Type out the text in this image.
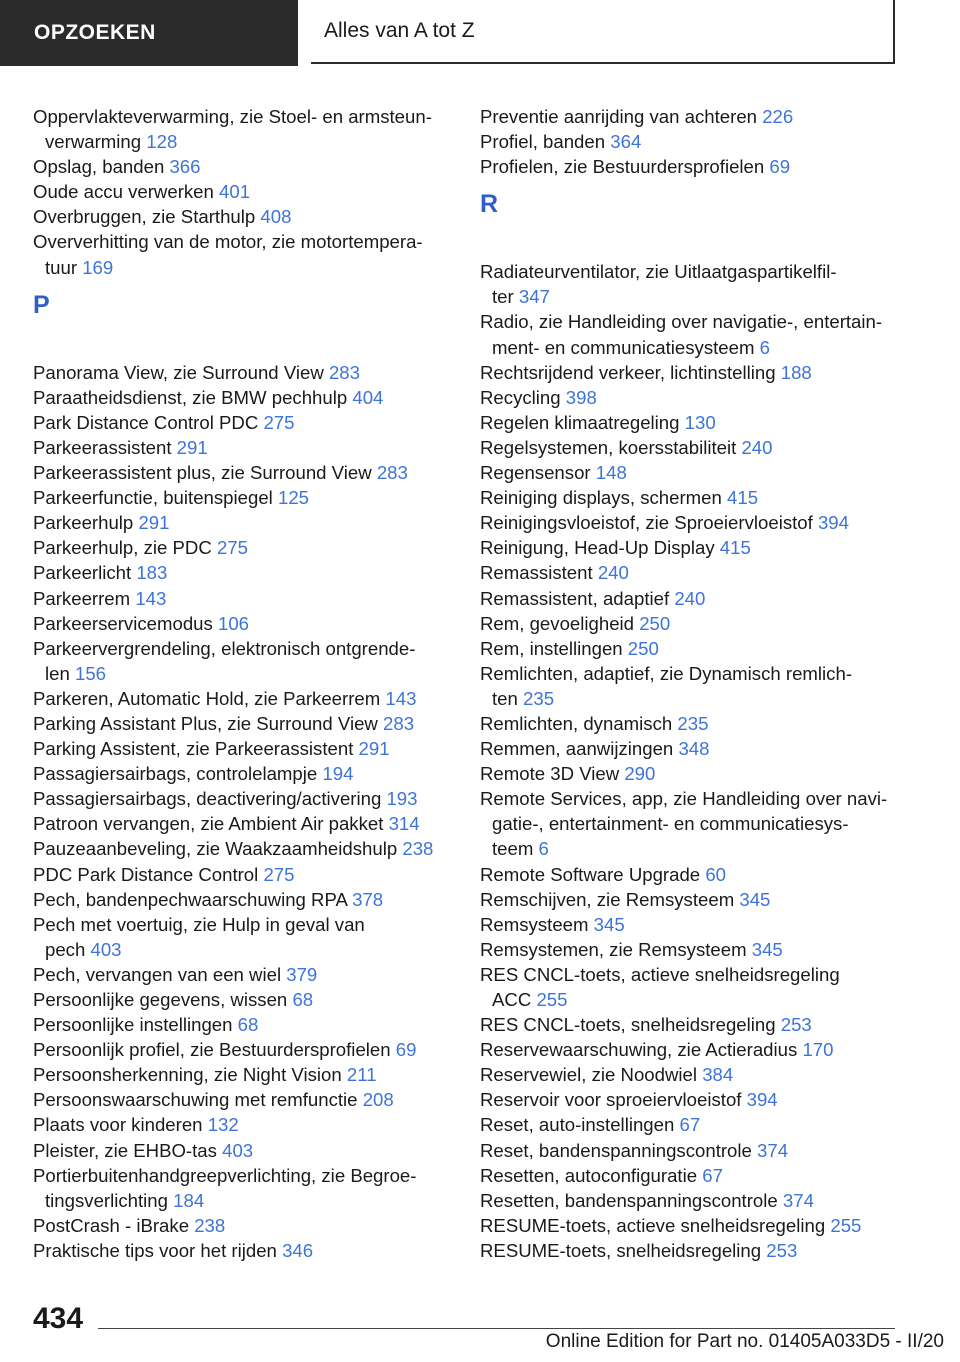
OPZOEKEN	Alles van A tot Z
Oppervlakteverwarming, zie Stoel- en armsteun-
verwarming 128
Opslag, banden 366
Oude accu verwerken 401
Overbruggen, zie Starthulp 408
Oververhitting van de motor, zie motortempera-
tuur 169
P
Panorama View, zie Surround View 283
Paraatheidsdienst, zie BMW pechhulp 404
Park Distance Control PDC 275
Parkeerassistent 291
Parkeerassistent plus, zie Surround View 283
Parkeerfunctie, buitenspiegel 125
Parkeerhulp 291
Parkeerhulp, zie PDC 275
Parkeerlicht 183
Parkeerrem 143
Parkeerservicemodus 106
Parkeervergrendeling, elektronisch ontgrende-
len 156
Parkeren, Automatic Hold, zie Parkeerrem 143
Parking Assistant Plus, zie Surround View 283
Parking Assistent, zie Parkeerassistent 291
Passagiersairbags, controlelampje 194
Passagiersairbags, deactivering/activering 193
Patroon vervangen, zie Ambient Air pakket 314
Pauzeaanbeveling, zie Waakzaamheidshulp 238
PDC Park Distance Control 275
Pech, bandenpechwaarschuwing RPA 378
Pech met voertuig, zie Hulp in geval van
pech 403
Pech, vervangen van een wiel 379
Persoonlijke gegevens, wissen 68
Persoonlijke instellingen 68
Persoonlijk profiel, zie Bestuurdersprofielen 69
Persoonsherkenning, zie Night Vision 211
Persoonswaarschuwing met remfunctie 208
Plaats voor kinderen 132
Pleister, zie EHBO-tas 403
Portierbuitenhandgreepverlichting, zie Begroe-
tingsverlichting 184
PostCrash - iBrake 238
Praktische tips voor het rijden 346
Preventie aanrijding van achteren 226
Profiel, banden 364
Profielen, zie Bestuurdersprofielen 69
R
Radiateurventilator, zie Uitlaatgaspartikelfil-
ter 347
Radio, zie Handleiding over navigatie-, entertain-
ment- en communicatiesysteem 6
Rechtsrijdend verkeer, lichtinstelling 188
Recycling 398
Regelen klimaatregeling 130
Regelsystemen, koersstabiliteit 240
Regensensor 148
Reiniging displays, schermen 415
Reinigingsvloeistof, zie Sproeiervloeistof 394
Reinigung, Head-Up Display 415
Remassistent 240
Remassistent, adaptief 240
Rem, gevoeligheid 250
Rem, instellingen 250
Remlichten, adaptief, zie Dynamisch remlich-
ten 235
Remlichten, dynamisch 235
Remmen, aanwijzingen 348
Remote 3D View 290
Remote Services, app, zie Handleiding over navi-
gatie-, entertainment- en communicatiesys-
teem 6
Remote Software Upgrade 60
Remschijven, zie Remsysteem 345
Remsysteem 345
Remsystemen, zie Remsysteem 345
RES CNCL-toets, actieve snelheidsregeling
ACC 255
RES CNCL-toets, snelheidsregeling 253
Reservewaarschuwing, zie Actieradius 170
Reservewiel, zie Noodwiel 384
Reservoir voor sproeiervloeistof 394
Reset, auto-instellingen 67
Reset, bandenspanningscontrole 374
Resetten, autoconfiguratie 67
Resetten, bandenspanningscontrole 374
RESUME-toets, actieve snelheidsregeling 255
RESUME-toets, snelheidsregeling 253
434
Online Edition for Part no. 01405A033D5 - II/20
